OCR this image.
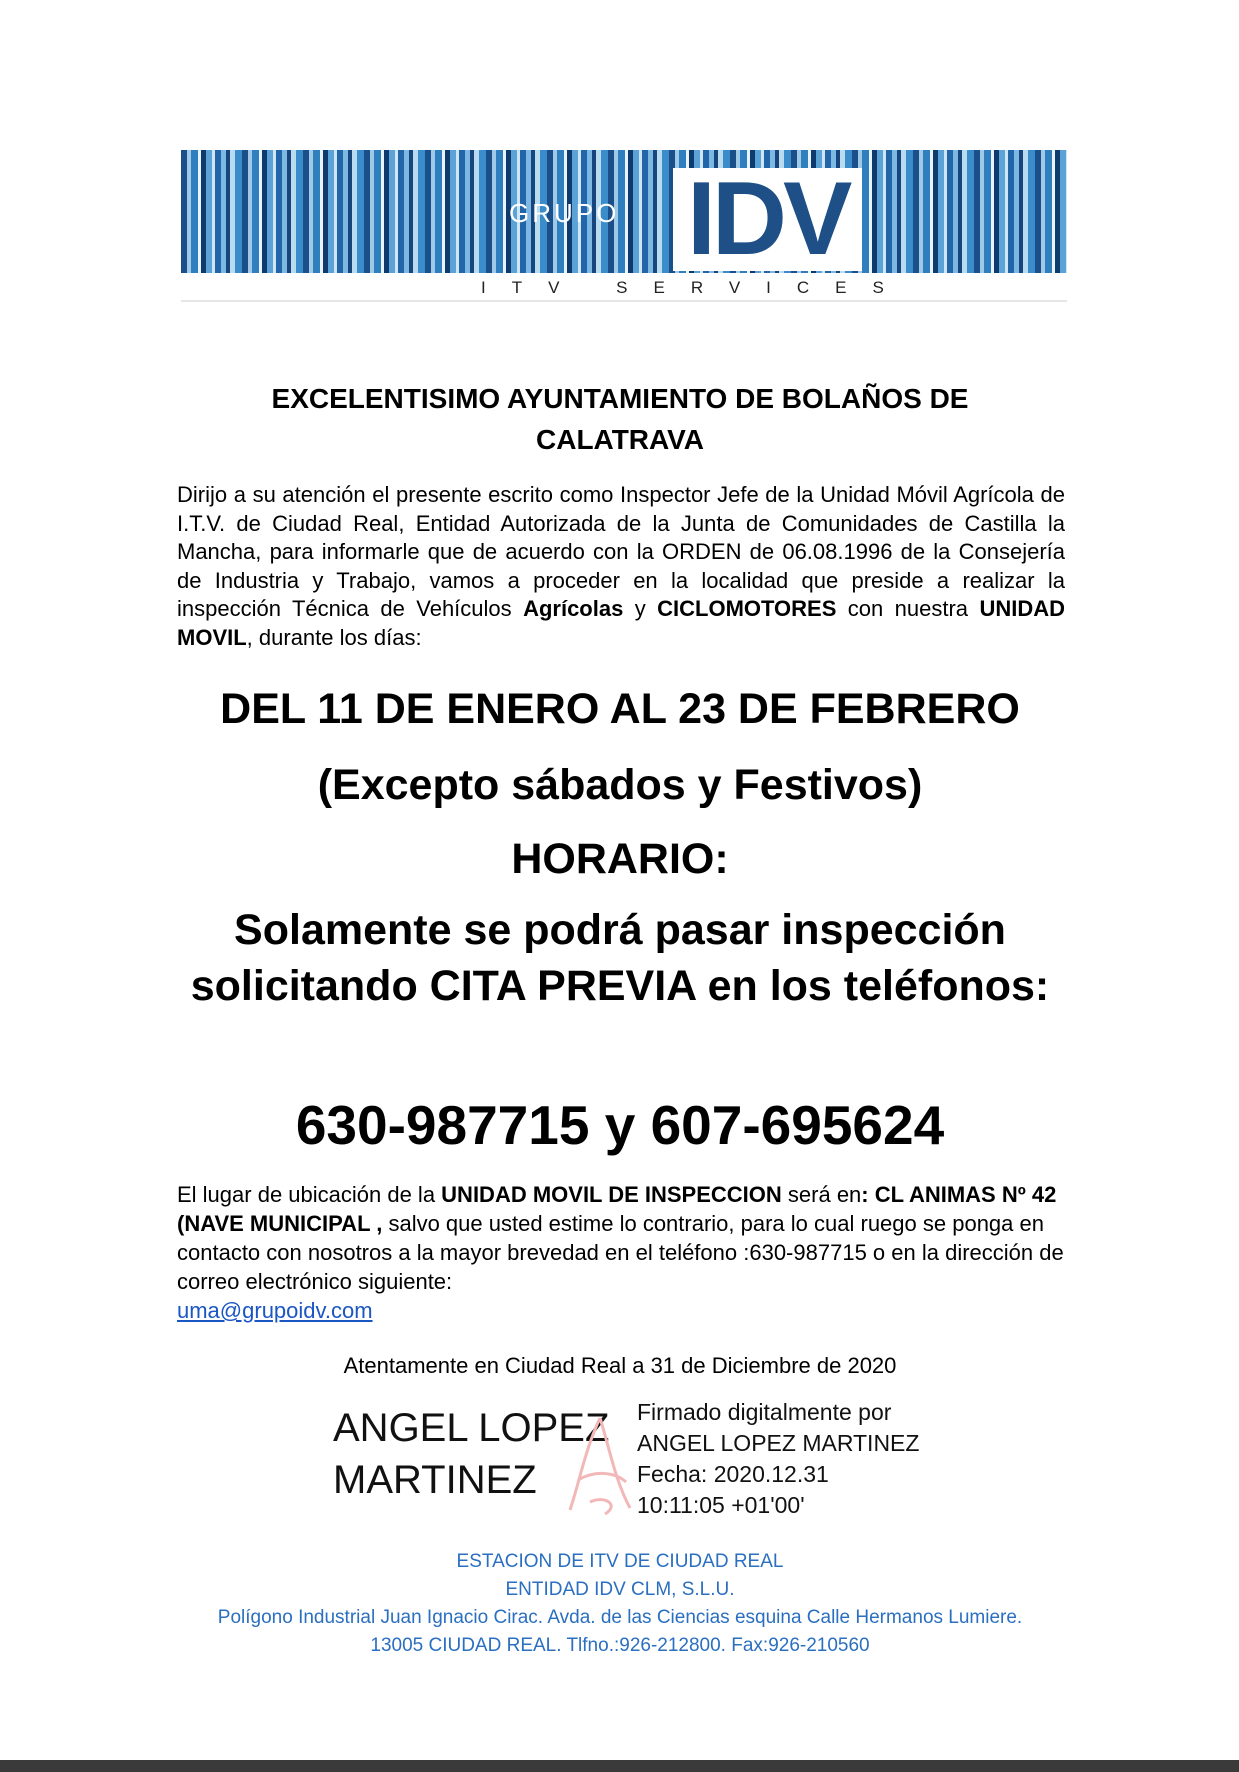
GRUPO IDV
ITV SERVICES
EXCELENTISIMO AYUNTAMIENTO DE BOLAÑOS DE
CALATRAVA
Dirijo a su atención el presente escrito como Inspector Jefe de la Unidad Móvil Agrícola de I.T.V. de Ciudad Real, Entidad Autorizada de la Junta de Comunidades de Castilla la Mancha, para informarle que de acuerdo con la ORDEN de 06.08.1996 de la Consejería de Industria y Trabajo, vamos a proceder en la localidad que preside a realizar la inspección Técnica de Vehículos Agrícolas y CICLOMOTORES con nuestra UNIDAD MOVIL, durante los días:
DEL 11 DE ENERO AL 23 DE FEBRERO
(Excepto sábados y Festivos)
HORARIO:
Solamente se podrá pasar inspección solicitando CITA PREVIA en los teléfonos:
630-987715 y 607-695624
El lugar de ubicación de la UNIDAD MOVIL DE INSPECCION será en: CL ANIMAS Nº 42 (NAVE MUNICIPAL , salvo que usted estime lo contrario, para lo cual ruego se ponga en contacto con nosotros a la mayor brevedad en el teléfono :630-987715 o en la dirección de correo electrónico siguiente:
uma@grupoidv.com
Atentamente en Ciudad Real a 31 de Diciembre de 2020
ANGEL LOPEZ
MARTINEZ
Firmado digitalmente por
ANGEL LOPEZ MARTINEZ
Fecha: 2020.12.31
10:11:05 +01'00'
ESTACION DE ITV DE CIUDAD REAL
ENTIDAD IDV CLM, S.L.U.
Polígono Industrial Juan Ignacio Cirac. Avda. de las Ciencias esquina Calle Hermanos Lumiere.
13005 CIUDAD REAL. Tlfno.:926-212800. Fax:926-210560
